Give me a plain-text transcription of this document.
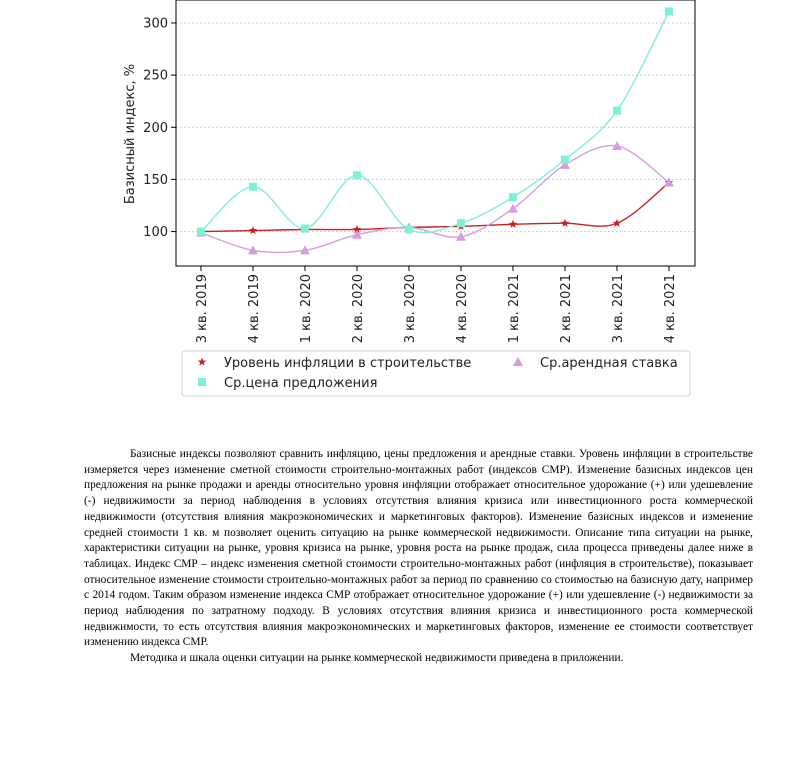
100
150
200
250
300
3 кв. 2019	4 кв. 2019	1 кв. 2020	2 кв. 2020	3 кв. 2020	4 кв. 2020	1 кв. 2021	2 кв. 2021	3 кв. 2021	4 кв. 2021
Базисный индекс, %
Уровень инфляции в строительстве	Ср.арендная ставка
Ср.цена предложения

Базисные индексы позволяют сравнить инфляцию, цены предложения и арендные ставки. Уровень инфляции в строительстве измеряется через изменение сметной стоимости строительно-монтажных работ (индексов СМР). Изменение базисных индексов цен предложения на рынке продажи и аренды относительно уровня инфляции отображает относительное удорожание (+) или удешевление (-) недвижимости за период наблюдения в условиях отсутствия влияния кризиса или инвестиционного роста коммерческой недвижимости (отсутствия влияния макроэкономических и маркетинговых факторов). Изменение базисных индексов и изменение средней стоимости 1 кв. м позволяет оценить ситуацию на рынке коммерческой недвижимости. Описание типа ситуации на рынке, характеристики ситуации на рынке, уровня кризиса на рынке, уровня роста на рынке продаж, сила процесса приведены далее ниже в таблицах. Индекс СМР – индекс изменения сметной стоимости строительно-монтажных работ (инфляция в строительстве), показывает относительное изменение стоимости строительно-монтажных работ за период по сравнению со стоимостью на базисную дату, например с 2014 годом. Таким образом изменение индекса СМР отображает относительное удорожание (+) или удешевление (-) недвижимости за период наблюдения по затратному подходу. В условиях отсутствия влияния кризиса и инвестиционного роста коммерческой недвижимости, то есть отсутствия влияния макроэкономических и маркетинговых факторов, изменение ее стоимости соответствует изменению индекса СМР.

Методика и шкала оценки ситуации на рынке коммерческой недвижимости приведена в приложении.
